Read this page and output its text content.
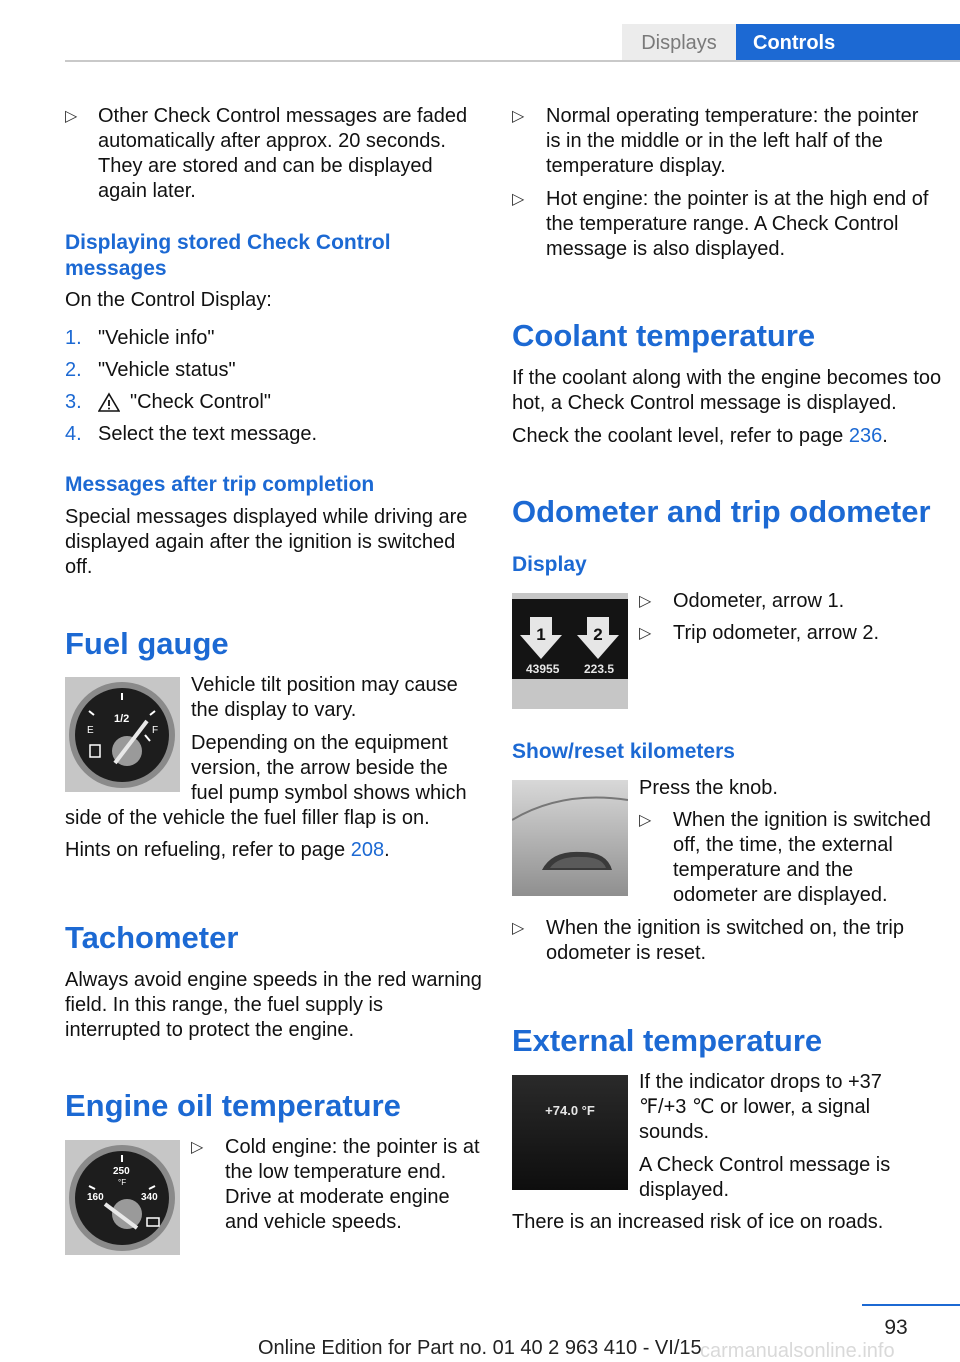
Displays	Controls
▷ Other Check Control messages are faded automatically after approx. 20 seconds. They are stored and can be displayed again later.
Displaying stored Check Control messages
On the Control Display:
1. "Vehicle info"
2. "Vehicle status"
3. "Check Control"
4. Select the text message.
Messages after trip completion
Special messages displayed while driving are displayed again after the ignition is switched off.
Fuel gauge
E	F
1/2
Vehicle tilt position may cause the display to vary.
Depending on the equipment version, the arrow beside the fuel pump symbol shows which
side of the vehicle the fuel filler flap is on.
Hints on refueling, refer to page 208.
Tachometer
Always avoid engine speeds in the red warning field. In this range, the fuel supply is interrupted to protect the engine.
Engine oil temperature
250
°F
160	340
▷ Cold engine: the pointer is at the low temperature end. Drive at moderate engine and vehicle speeds.
▷ Normal operating temperature: the pointer is in the middle or in the left half of the temperature display.
▷ Hot engine: the pointer is at the high end of the temperature range. A Check Control message is also displayed.
Coolant temperature
If the coolant along with the engine becomes too hot, a Check Control message is displayed.
Check the coolant level, refer to page 236.
Odometer and trip odometer
Display
1	2
43955 223.5
▷ Odometer, arrow 1.
▷ Trip odometer, arrow 2.
Show/reset kilometers
Press the knob.
▷ When the ignition is switched off, the time, the external temperature and the odometer are displayed.
▷ When the ignition is switched on, the trip odometer is reset.
External temperature
+74.0 °F
If the indicator drops to +37 ℉/+3 ℃ or lower, a signal sounds.
A Check Control message is displayed.
There is an increased risk of ice on roads.
93
carmanualsonline.info
Online Edition for Part no. 01 40 2 963 410 - VI/15
